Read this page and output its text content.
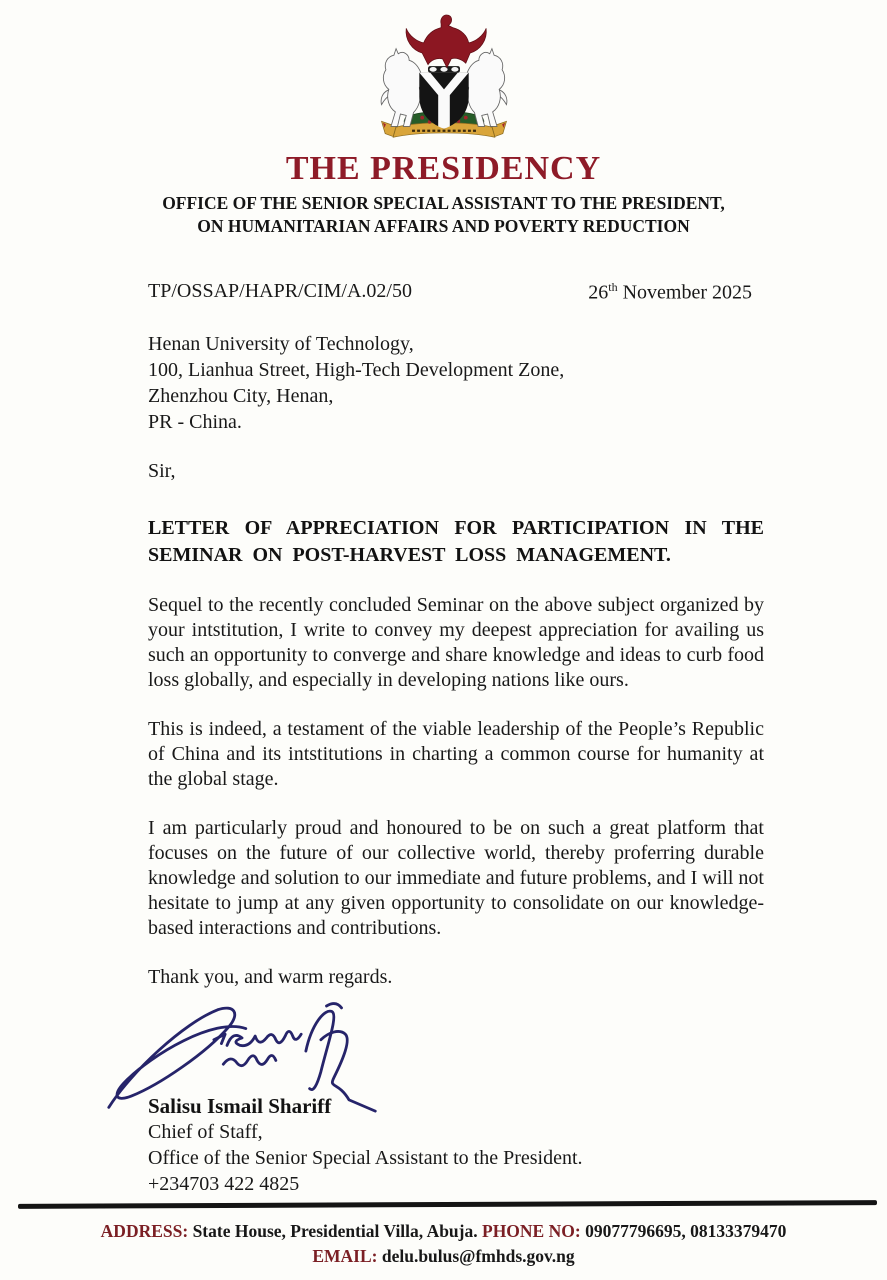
THE PRESIDENCY
OFFICE OF THE SENIOR SPECIAL ASSISTANT TO THE PRESIDENT,
ON HUMANITARIAN AFFAIRS AND POVERTY REDUCTION
TP/OSSAP/HAPR/CIM/A.02/50	26th November 2025
Henan University of Technology,
100, Lianhua Street, High-Tech Development Zone,
Zhenzhou City, Henan,
PR - China.
Sir,
LETTER OF APPRECIATION FOR PARTICIPATION IN THE SEMINAR ON POST-HARVEST LOSS MANAGEMENT.
Sequel to the recently concluded Seminar on the above subject organized by your intstitution, I write to convey my deepest appreciation for availing us such an opportunity to converge and share knowledge and ideas to curb food loss globally, and especially in developing nations like ours.
This is indeed, a testament of the viable leadership of the People’s Republic of China and its intstitutions in charting a common course for humanity at the global stage.
I am particularly proud and honoured to be on such a great platform that focuses on the future of our collective world, thereby proferring durable knowledge and solution to our immediate and future problems, and I will not hesitate to jump at any given opportunity to consolidate on our knowledge-based interactions and contributions.
Thank you, and warm regards.
Salisu Ismail Shariff
Chief of Staff,
Office of the Senior Special Assistant to the President.
+234703 422 4825
ADDRESS: State House, Presidential Villa, Abuja. PHONE NO: 09077796695, 08133379470
EMAIL: delu.bulus@fmhds.gov.ng
